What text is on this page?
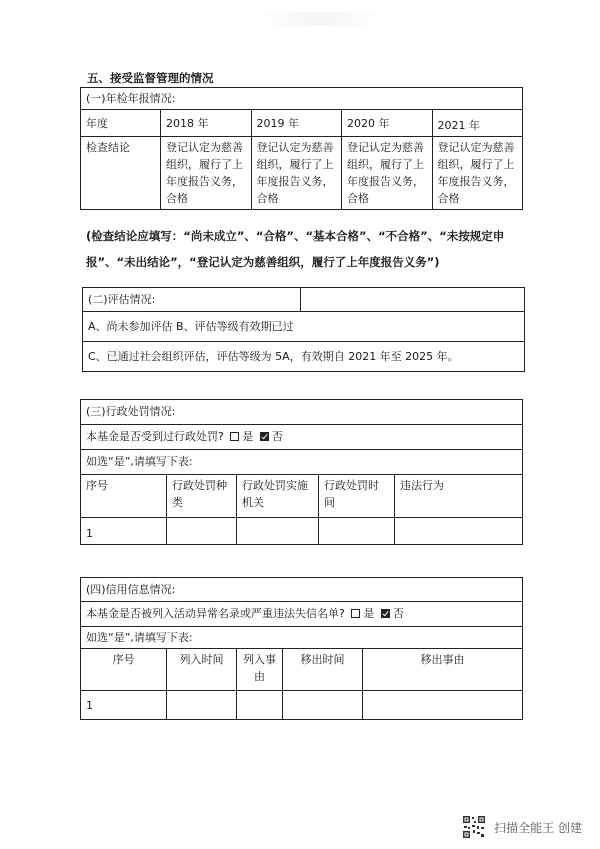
五、接受监督管理的情况
(一)年检年报情况:				
年度	2018 年	2019 年	2020 年	2021 年
检查结论	登记认定为慈善组织，履行了上年度报告义务，合格	登记认定为慈善组织，履行了上年度报告义务，合格	登记认定为慈善组织，履行了上年度报告义务，合格	登记认定为慈善组织，履行了上年度报告义务，合格
(检查结论应填写：“尚未成立”、“合格”、“基本合格”、“不合格”、“未按规定申报”、“未出结论”，“登记认定为慈善组织，履行了上年度报告义务”)
(二)评估情况:	
A、尚未参加评估 B、评估等级有效期已过
C、已通过社会组织评估，评估等级为 5A，有效期自 2021 年至 2025 年。
(三)行政处罚情况:				
本基金是否受到过行政处罚? 是 否				
如选“是”,请填写下表:				
序号	行政处罚种类	行政处罚实施机关	行政处罚时间	违法行为
1				
(四)信用信息情况:				
本基金是否被列入活动异常名录或严重违法失信名单? 是 否				
如选“是”,请填写下表:				
序号	列入时间	列入事由	移出时间	移出事由
1				
扫描全能王 创建
